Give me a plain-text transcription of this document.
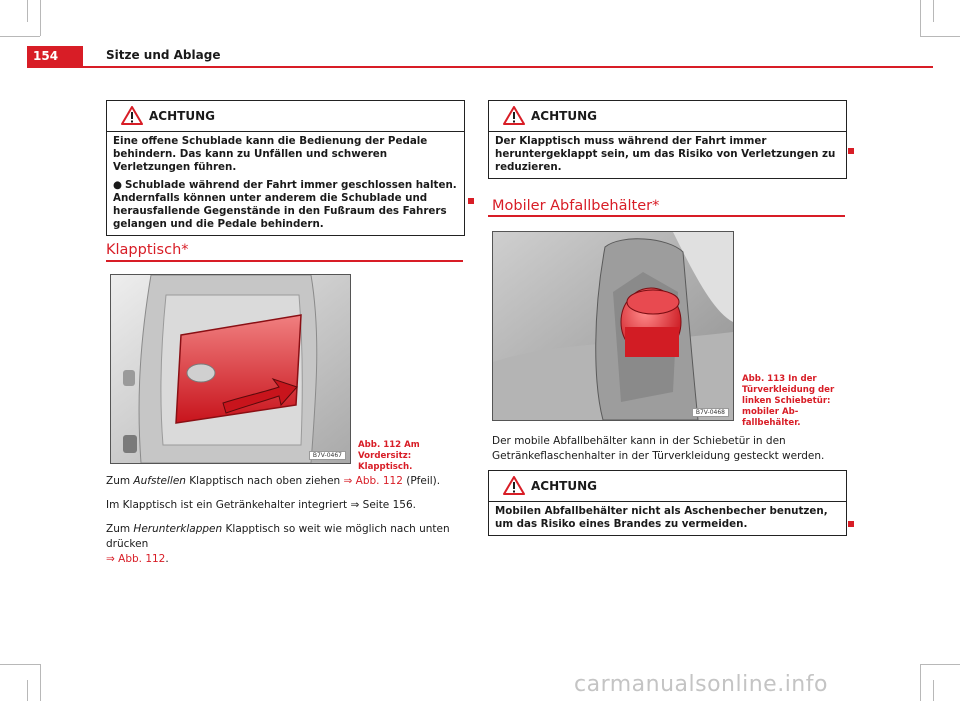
154	Sitze und Ablage
ACHTUNG

Eine offene Schublade kann die Bedienung der Pedale behindern. Das kann zu Unfällen und schweren Verletzungen führen.

● Schublade während der Fahrt immer geschlossen halten. Andernfalls können unter anderem die Schublade und herausfallende Gegenstände in den Fußraum des Fahrers gelangen und die Pedale behindern.

Klapptisch*
B7V-0467
Abb. 112 Am Vordersitz: Klapptisch.
Zum Aufstellen Klapptisch nach oben ziehen ⇒ Abb. 112 (Pfeil).
Im Klapptisch ist ein Getränkehalter integriert ⇒ Seite 156.
Zum Herunterklappen Klapptisch so weit wie möglich nach unten drücken
⇒ Abb. 112.
ACHTUNG

Der Klapptisch muss während der Fahrt immer heruntergeklappt sein, um das Risiko von Verletzungen zu reduzieren.

Mobiler Abfallbehälter*
B7V-0468
Abb. 113 In der Türverkleidung der linken Schiebetür: mobiler Abfallbehälter.
Der mobile Abfallbehälter kann in der Schiebetür in den Getränkeflaschenhalter in der Türverkleidung gesteckt werden.
ACHTUNG

Mobilen Abfallbehälter nicht als Aschenbecher benutzen, um das Risiko eines Brandes zu vermeiden.

carmanualsonline.info
